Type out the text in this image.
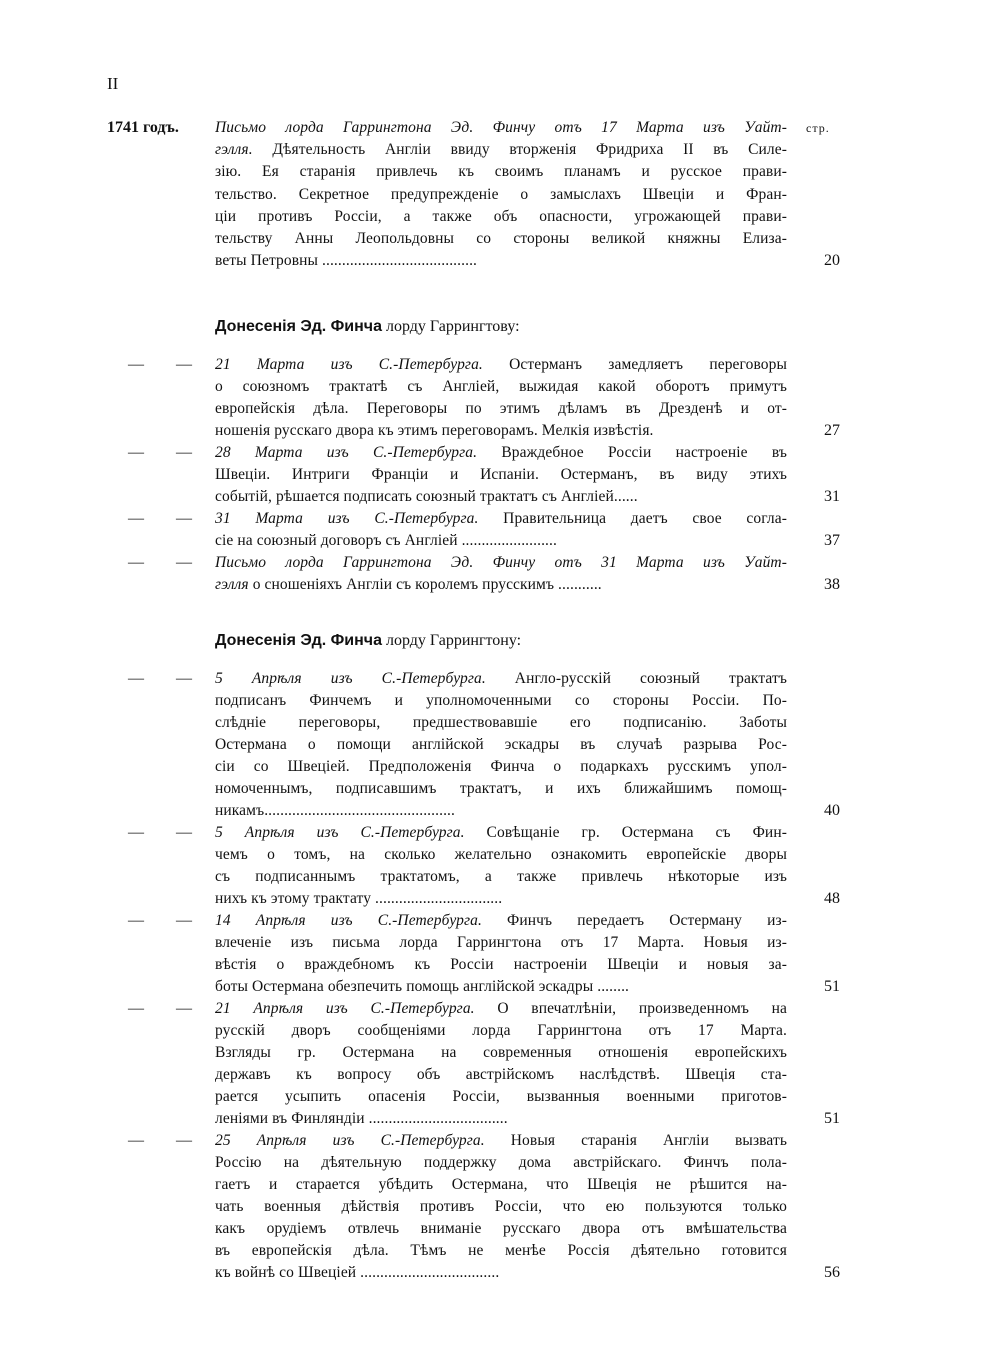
II
1741 годъ.	стр.
Письмо лорда Гаррингтона Эд. Финчу отъ 17 Марта изъ Уайт-
гэлля. Дѣятельность Англіи ввиду вторженія Фридриха II въ Силе-
зію. Ея старанія привлечь къ своимъ планамъ и русское прави-
тельство. Секретное предупрежденіе о замыслахъ Швеціи и Фран-
ціи противъ Россіи, а также объ опасности, угрожающей прави-
тельству Анны Леопольдовны со стороны великой княжны Елиза-
веты Петровны .......................................	20
Донесенія Эд. Финча лорду Гаррингтову:
— — 21 Марта изъ С.-Петербурга. Остерманъ замедляетъ переговоры
о союзномъ трактатѣ съ Англіей, выжидая какой оборотъ примутъ
европейскія дѣла. Переговоры по этимъ дѣламъ въ Дрезденѣ и от-
ношенія русскаго двора къ этимъ переговорамъ. Мелкія извѣстія.	27
— — 28 Марта изъ С.-Петербурга. Враждебное Россіи настроеніе въ
Швеціи. Интриги Франціи и Испаніи. Остерманъ, въ виду этихъ
событій, рѣшается подписать союзный трактатъ съ Англіей......	31
— — 31 Марта изъ С.-Петербурга. Правительница даетъ свое согла-
сіе на союзный договоръ съ Англіей ........................	37
— — Письмо лорда Гаррингтона Эд. Финчу отъ 31 Марта изъ Уайт-
гэлля о сношеніяхъ Англіи съ королемъ прусскимъ ...........	38
Донесенія Эд. Финча лорду Гаррингтону:
— — 5 Апрѣля изъ С.-Петербурга. Англо-русскій союзный трактатъ
подписанъ Финчемъ и уполномоченными со стороны Россіи. По-
слѣдніе переговоры, предшествовавшіе его подписанію. Заботы
Остермана о помощи англійской эскадры въ случаѣ разрыва Рос-
сіи со Швеціей. Предположенія Финча о подаркахъ русскимъ упол-
номоченнымъ, подписавшимъ трактатъ, и ихъ ближайшимъ помощ-
никамъ................................................	40
— — 5 Апрѣля изъ С.-Петербурга. Совѣщаніе гр. Остермана съ Фин-
чемъ о томъ, на сколько желательно ознакомить европейскіе дворы
съ подписаннымъ трактатомъ, а также привлечь нѣкоторые изъ
нихъ къ этому трактату ................................	48
— — 14 Апрѣля изъ С.-Петербурга. Финчъ передаетъ Остерману из-
влеченіе изъ письма лорда Гаррингтона отъ 17 Марта. Новыя из-
вѣстія о враждебномъ къ Россіи настроеніи Швеціи и новыя за-
боты Остермана обезпечить помощь англійской эскадры ........	51
— — 21 Апрѣля изъ С.-Петербурга. О впечатлѣніи, произведенномъ на
русскій дворъ сообщеніями лорда Гаррингтона отъ 17 Марта.
Взгляды гр. Остермана на современныя отношенія европейскихъ
державъ къ вопросу объ австрійскомъ наслѣдствѣ. Швеція ста-
рается усыпить опасенія Россіи, вызванныя военными приготов-
леніями въ Финляндіи ...................................	51
— — 25 Апрѣля изъ С.-Петербурга. Новыя старанія Англіи вызвать
Россію на дѣятельную поддержку дома австрійскаго. Финчъ пола-
гаетъ и старается убѣдить Остермана, что Швеція не рѣшится на-
чать военныя дѣйствія противъ Россіи, что ею пользуются только
какъ орудіемъ отвлечь вниманіе русскаго двора отъ вмѣшательства
въ европейскія дѣла. Тѣмъ не менѣе Россія дѣятельно готовится
къ войнѣ со Швеціей ...................................	56
